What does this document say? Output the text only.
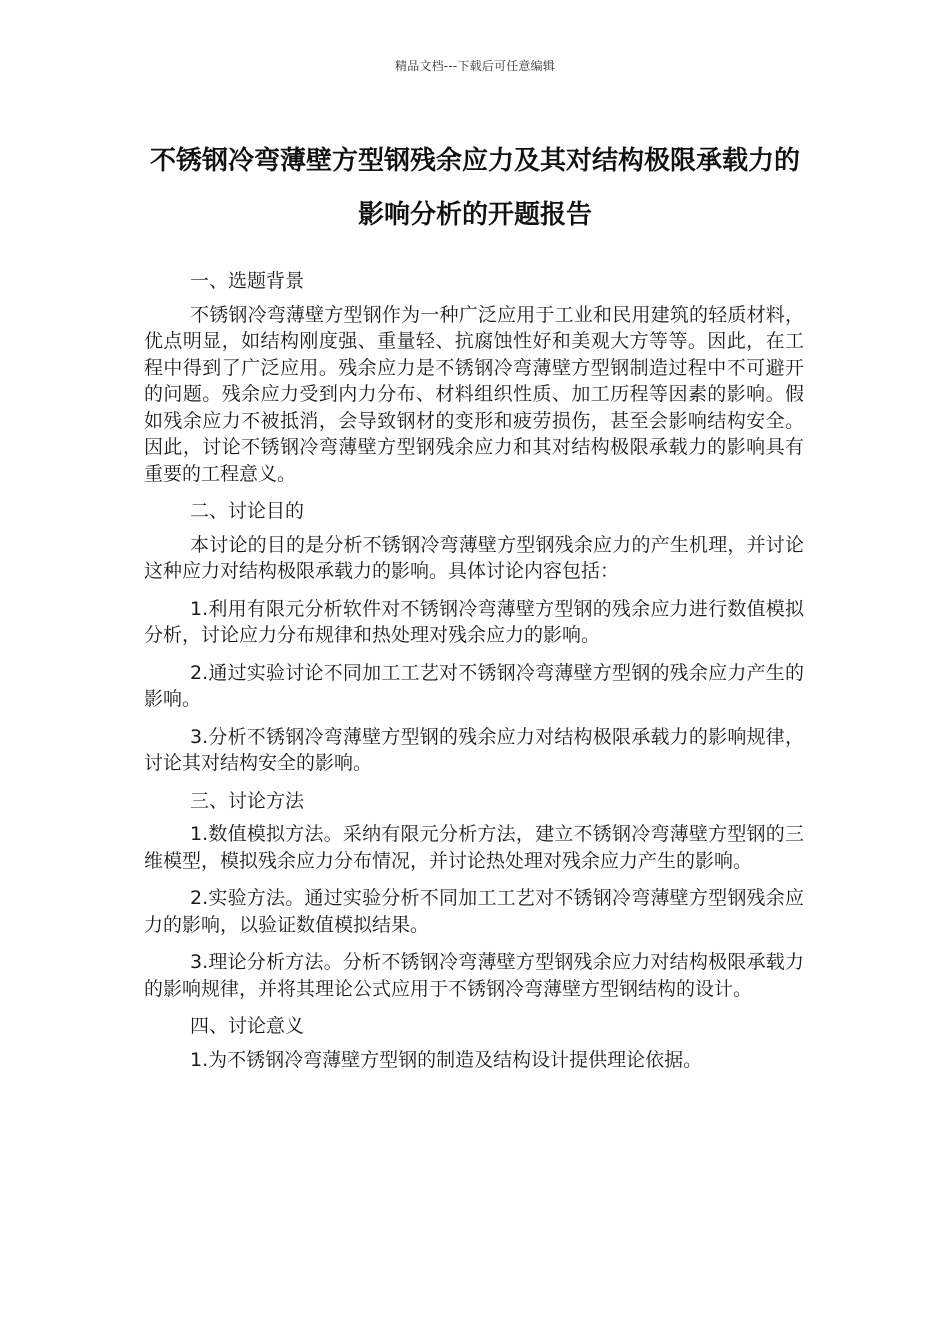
精品文档---下载后可任意编辑
不锈钢冷弯薄壁方型钢残余应力及其对结构极限承载力的影响分析的开题报告

一、选题背景

不锈钢冷弯薄壁方型钢作为一种广泛应用于工业和民用建筑的轻质材料，优点明显，如结构刚度强、重量轻、抗腐蚀性好和美观大方等等。因此，在工程中得到了广泛应用。残余应力是不锈钢冷弯薄壁方型钢制造过程中不可避开的问题。残余应力受到内力分布、材料组织性质、加工历程等因素的影响。假如残余应力不被抵消，会导致钢材的变形和疲劳损伤，甚至会影响结构安全。因此，讨论不锈钢冷弯薄壁方型钢残余应力和其对结构极限承载力的影响具有重要的工程意义。

二、讨论目的

本讨论的目的是分析不锈钢冷弯薄壁方型钢残余应力的产生机理，并讨论这种应力对结构极限承载力的影响。具体讨论内容包括：

1.利用有限元分析软件对不锈钢冷弯薄壁方型钢的残余应力进行数值模拟分析，讨论应力分布规律和热处理对残余应力的影响。

2.通过实验讨论不同加工工艺对不锈钢冷弯薄壁方型钢的残余应力产生的影响。

3.分析不锈钢冷弯薄壁方型钢的残余应力对结构极限承载力的影响规律，讨论其对结构安全的影响。

三、讨论方法

1.数值模拟方法。采纳有限元分析方法，建立不锈钢冷弯薄壁方型钢的三维模型，模拟残余应力分布情况，并讨论热处理对残余应力产生的影响。

2.实验方法。通过实验分析不同加工工艺对不锈钢冷弯薄壁方型钢残余应力的影响，以验证数值模拟结果。

3.理论分析方法。分析不锈钢冷弯薄壁方型钢残余应力对结构极限承载力的影响规律，并将其理论公式应用于不锈钢冷弯薄壁方型钢结构的设计。

四、讨论意义

1.为不锈钢冷弯薄壁方型钢的制造及结构设计提供理论依据。
